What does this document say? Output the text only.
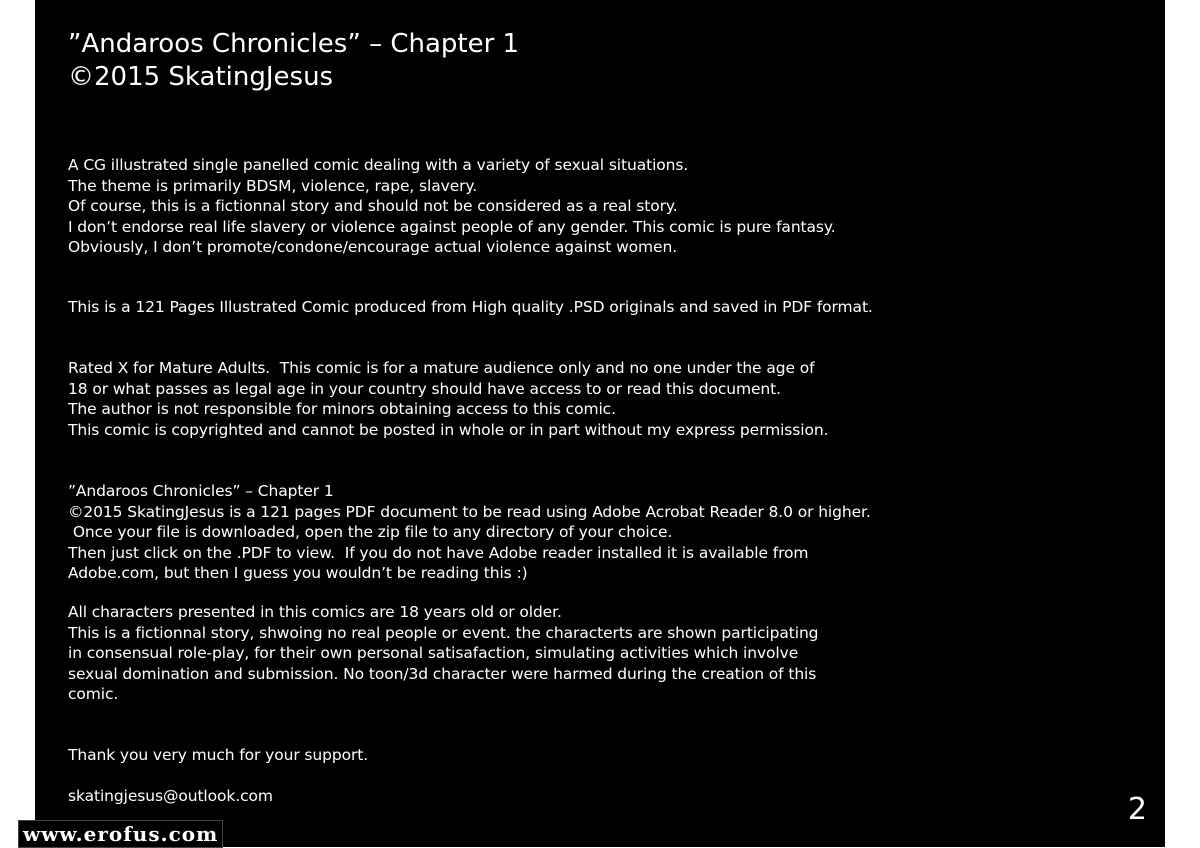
”Andaroos Chronicles” – Chapter 1
©2015 SkatingJesus
A CG illustrated single panelled comic dealing with a variety of sexual situations.
The theme is primarily BDSM, violence, rape, slavery.
Of course, this is a fictionnal story and should not be considered as a real story.
I don’t endorse real life slavery or violence against people of any gender. This comic is pure fantasy.
Obviously, I don’t promote/condone/encourage actual violence against women.
This is a 121 Pages Illustrated Comic produced from High quality .PSD originals and saved in PDF format.
Rated X for Mature Adults.  This comic is for a mature audience only and no one under the age of
18 or what passes as legal age in your country should have access to or read this document.
The author is not responsible for minors obtaining access to this comic.
This comic is copyrighted and cannot be posted in whole or in part without my express permission.
”Andaroos Chronicles” – Chapter 1
©2015 SkatingJesus is a 121 pages PDF document to be read using Adobe Acrobat Reader 8.0 or higher.
Once your file is downloaded, open the zip file to any directory of your choice.
Then just click on the .PDF to view.  If you do not have Adobe reader installed it is available from
Adobe.com, but then I guess you wouldn’t be reading this :)
All characters presented in this comics are 18 years old or older.
This is a fictionnal story, shwoing no real people or event. the characterts are shown participating
in consensual role-play, for their own personal satisafaction, simulating activities which involve
sexual domination and submission. No toon/3d character were harmed during the creation of this
comic.
Thank you very much for your support.
skatingjesus@outlook.com	2
www.erofus.com
